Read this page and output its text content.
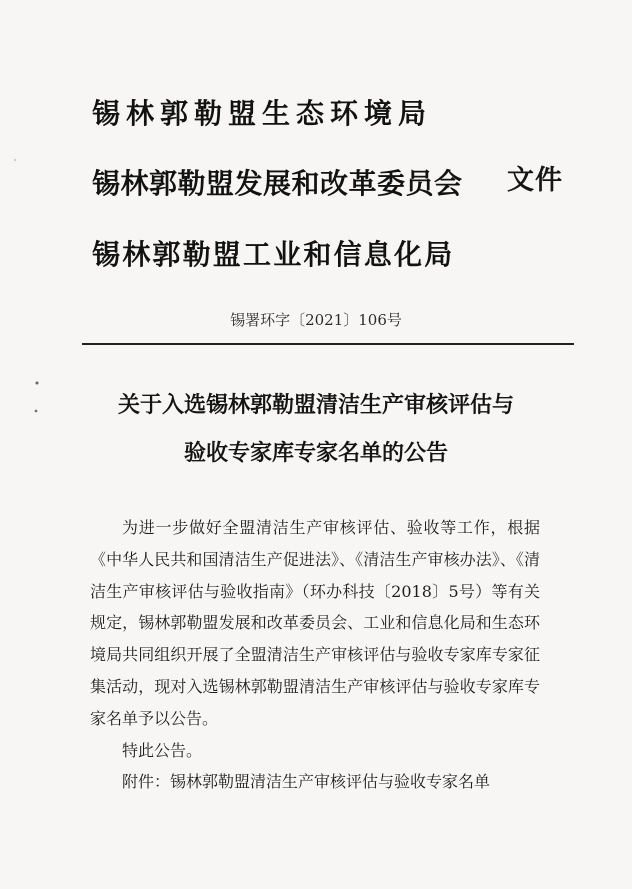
锡林郭勒盟生态环境局
锡林郭勒盟发展和改革委员会
锡林郭勒盟工业和信息化局
文件
锡署环字〔2021〕106号
关于入选锡林郭勒盟清洁生产审核评估与
验收专家库专家名单的公告

为进一步做好全盟清洁生产审核评估、验收等工作，根据《中华人民共和国清洁生产促进法》、《清洁生产审核办法》、《清洁生产审核评估与验收指南》（环办科技〔2018〕5号）等有关规定，锡林郭勒盟发展和改革委员会、工业和信息化局和生态环境局共同组织开展了全盟清洁生产审核评估与验收专家库专家征集活动，现对入选锡林郭勒盟清洁生产审核评估与验收专家库专家名单予以公告。

特此公告。

附件：锡林郭勒盟清洁生产审核评估与验收专家名单
